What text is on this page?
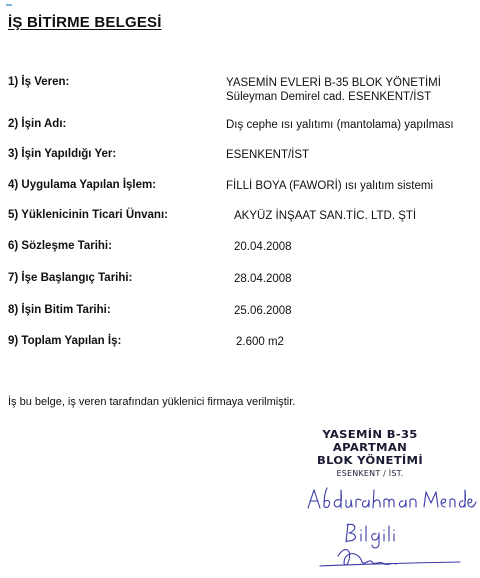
İŞ BİTİRME BELGESİ
1) İş Veren:	YASEMİN EVLERİ B-35 BLOK YÖNETİMİ
Süleyman Demirel cad. ESENKENT/İST
2) İşin Adı:	Dış cephe ısı yalıtımı (mantolama) yapılması
3) İşin Yapıldığı Yer:	ESENKENT/İST
4) Uygulama Yapılan İşlem:	FİLLİ BOYA (FAWORİ) ısı yalıtım sistemi
5) Yüklenicinin Ticari Ünvanı:	AKYÜZ İNŞAAT SAN.TİC. LTD. ŞTİ
6) Sözleşme Tarihi:	20.04.2008
7) İşe Başlangıç Tarihi:	28.04.2008
8) İşin Bitim Tarihi:	25.06.2008
9) Toplam Yapılan İş:	2.600 m2
İş bu belge, iş veren tarafından yüklenici firmaya verilmiştir.
YASEMİN B-35
APARTMAN
BLOK YÖNETİMİ
ESENKENT / İST.
